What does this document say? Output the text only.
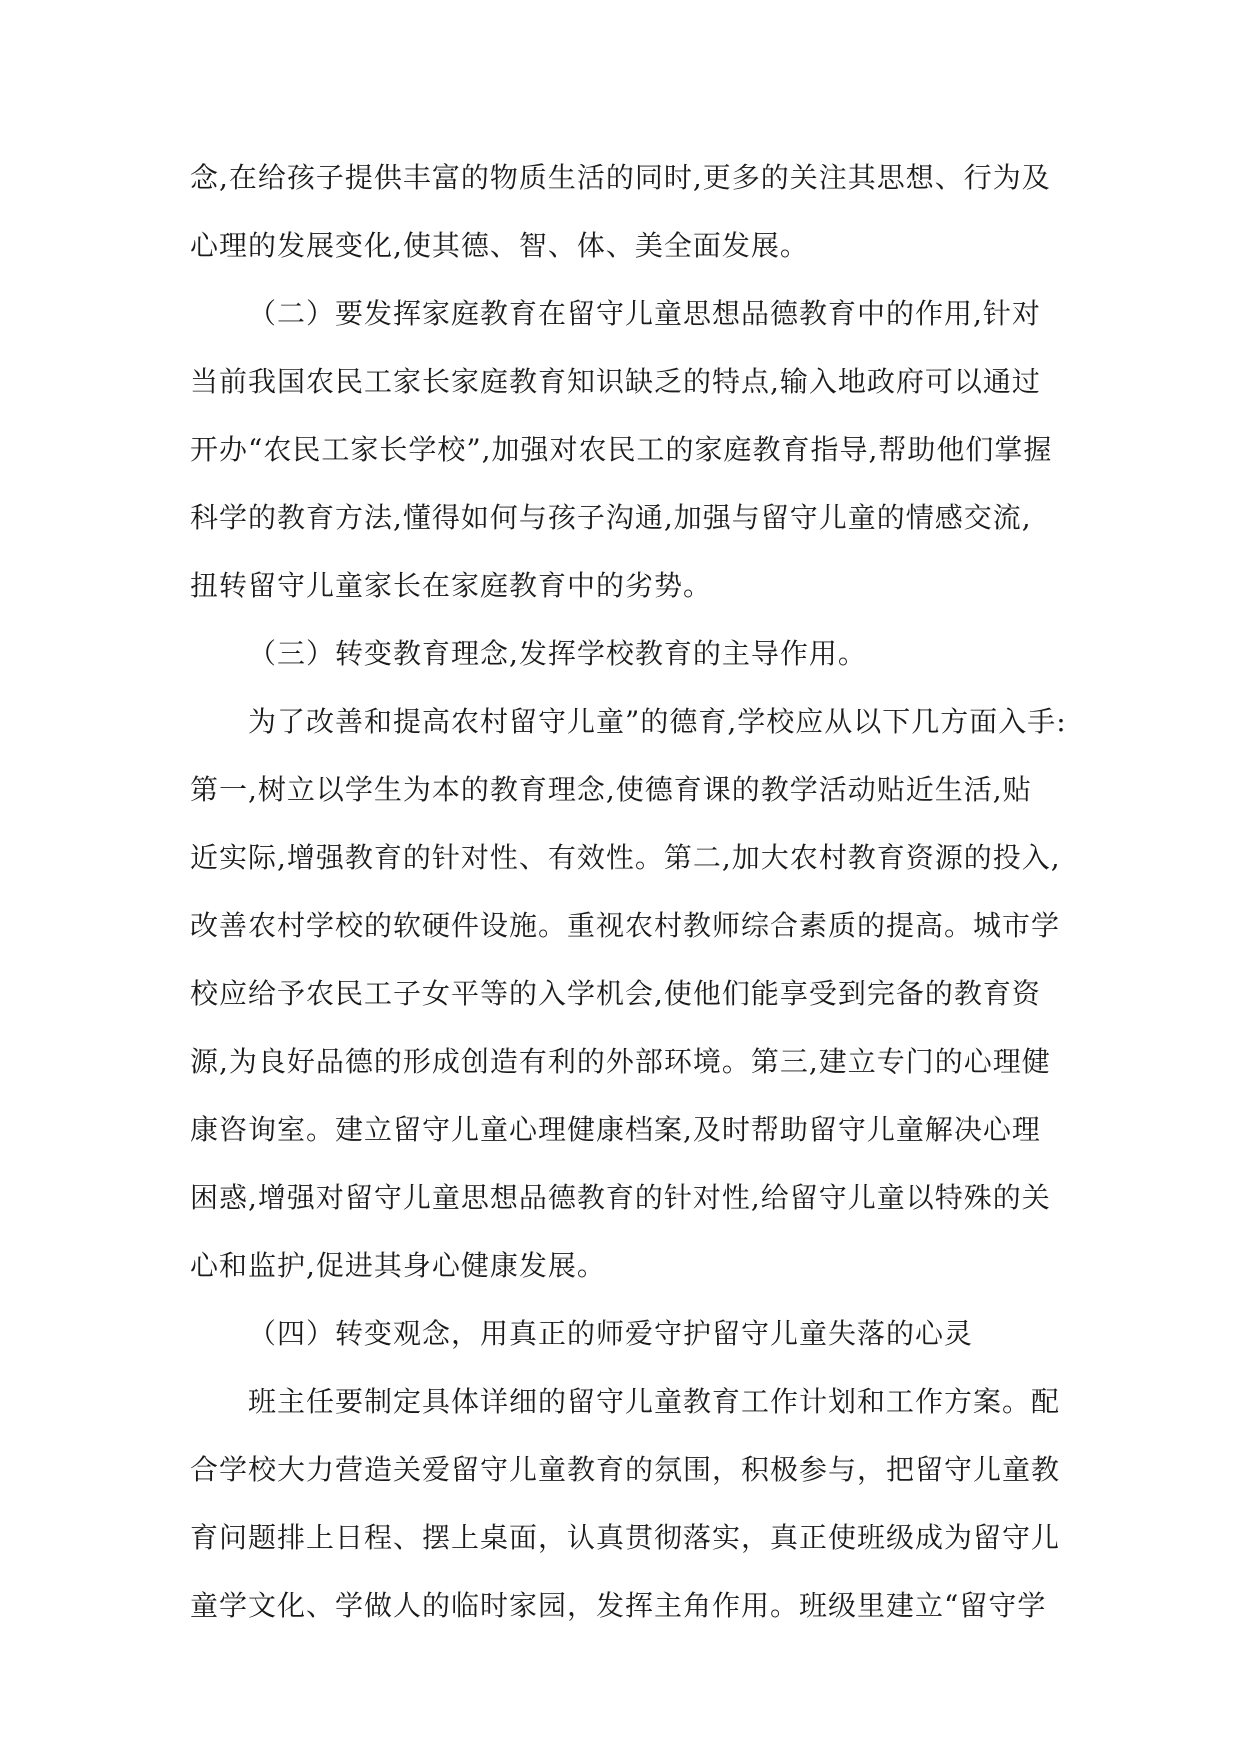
念,在给孩子提供丰富的物质生活的同时,更多的关注其思想、行为及
心理的发展变化,使其德、智、体、美全面发展。
（二）要发挥家庭教育在留守儿童思想品德教育中的作用,针对
当前我国农民工家长家庭教育知识缺乏的特点,输入地政府可以通过
开办“农民工家长学校”,加强对农民工的家庭教育指导,帮助他们掌握
科学的教育方法,懂得如何与孩子沟通,加强与留守儿童的情感交流,
扭转留守儿童家长在家庭教育中的劣势。
（三）转变教育理念,发挥学校教育的主导作用。
为了改善和提高农村留守儿童”的德育,学校应从以下几方面入手:
第一,树立以学生为本的教育理念,使德育课的教学活动贴近生活,贴
近实际,增强教育的针对性、有效性。第二,加大农村教育资源的投入,
改善农村学校的软硬件设施。重视农村教师综合素质的提高。城市学
校应给予农民工子女平等的入学机会,使他们能享受到完备的教育资
源,为良好品德的形成创造有利的外部环境。第三,建立专门的心理健
康咨询室。建立留守儿童心理健康档案,及时帮助留守儿童解决心理
困惑,增强对留守儿童思想品德教育的针对性,给留守儿童以特殊的关
心和监护,促进其身心健康发展。
（四）转变观念，用真正的师爱守护留守儿童失落的心灵
班主任要制定具体详细的留守儿童教育工作计划和工作方案。配
合学校大力营造关爱留守儿童教育的氛围，积极参与，把留守儿童教
育问题排上日程、摆上桌面，认真贯彻落实，真正使班级成为留守儿
童学文化、学做人的临时家园，发挥主角作用。班级里建立“留守学
